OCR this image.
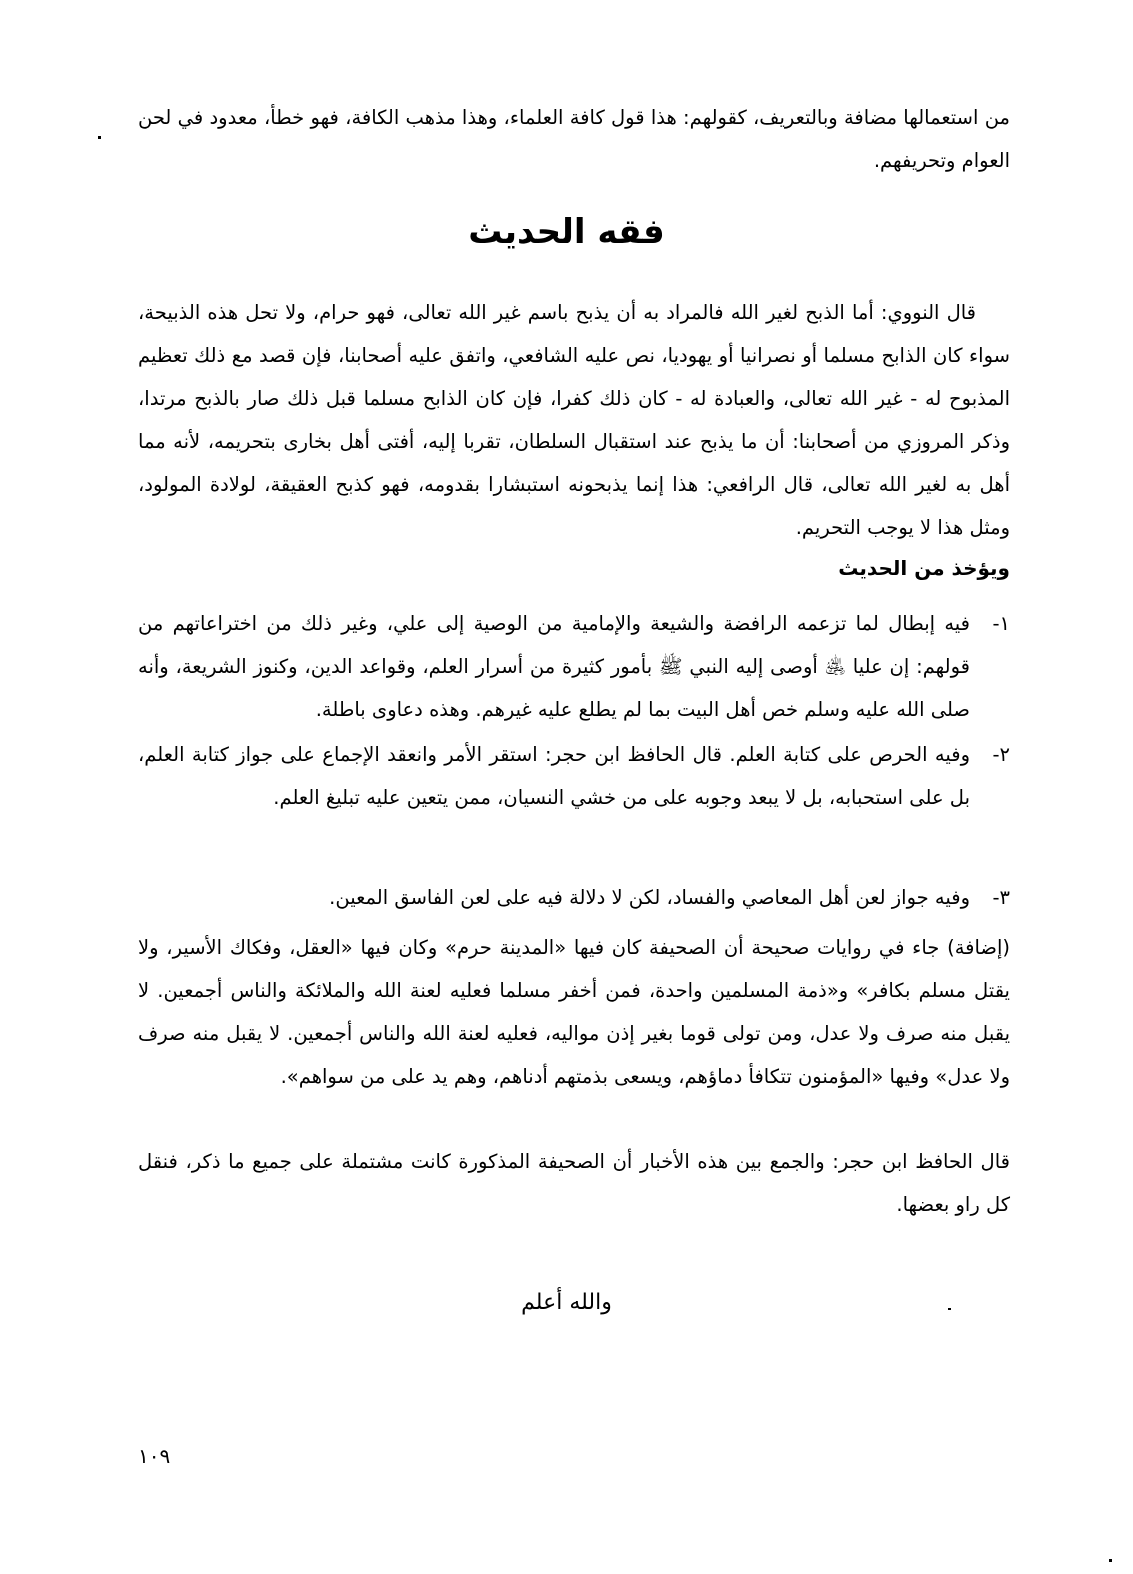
من استعمالها مضافة وبالتعريف، كقولهم: هذا قول كافة العلماء، وهذا مذهب الكافة، فهو خطأ، معدود في لحن العوام وتحريفهم.

فقه الحديث

قال النووي: أما الذبح لغير الله فالمراد به أن يذبح باسم غير الله تعالى، فهو حرام، ولا تحل هذه الذبيحة، سواء كان الذابح مسلما أو نصرانيا أو يهوديا، نص عليه الشافعي، واتفق عليه أصحابنا، فإن قصد مع ذلك تعظيم المذبوح له - غير الله تعالى، والعبادة له - كان ذلك كفرا، فإن كان الذابح مسلما قبل ذلك صار بالذبح مرتدا، وذكر المروزي من أصحابنا: أن ما يذبح عند استقبال السلطان، تقربا إليه، أفتى أهل بخارى بتحريمه، لأنه مما أهل به لغير الله تعالى، قال الرافعي: هذا إنما يذبحونه استبشارا بقدومه، فهو كذبح العقيقة، لولادة المولود، ومثل هذا لا يوجب التحريم.

ويؤخذ من الحديث
١-
فيه إبطال لما تزعمه الرافضة والشيعة والإمامية من الوصية إلى علي، وغير ذلك من اختراعاتهم من قولهم: إن عليا ﵁ أوصى إليه النبي ﷺ بأمور كثيرة من أسرار العلم، وقواعد الدين، وكنوز الشريعة، وأنه صلى الله عليه وسلم خص أهل البيت بما لم يطلع عليه غيرهم. وهذه دعاوى باطلة.
٢-
وفيه الحرص على كتابة العلم. قال الحافظ ابن حجر: استقر الأمر وانعقد الإجماع على جواز كتابة العلم، بل على استحبابه، بل لا يبعد وجوبه على من خشي النسيان، ممن يتعين عليه تبليغ العلم.
٣-
وفيه جواز لعن أهل المعاصي والفساد، لكن لا دلالة فيه على لعن الفاسق المعين.

(إضافة) جاء في روايات صحيحة أن الصحيفة كان فيها «المدينة حرم» وكان فيها «العقل، وفكاك الأسير، ولا يقتل مسلم بكافر» و«ذمة المسلمين واحدة، فمن أخفر مسلما فعليه لعنة الله والملائكة والناس أجمعين. لا يقبل منه صرف ولا عدل، ومن تولى قوما بغير إذن مواليه، فعليه لعنة الله والناس أجمعين. لا يقبل منه صرف ولا عدل» وفيها «المؤمنون تتكافأ دماؤهم، ويسعى بذمتهم أدناهم، وهم يد على من سواهم».

قال الحافظ ابن حجر: والجمع بين هذه الأخبار أن الصحيفة المذكورة كانت مشتملة على جميع ما ذكر، فنقل كل راو بعضها.

والله أعلم

١٠٩
